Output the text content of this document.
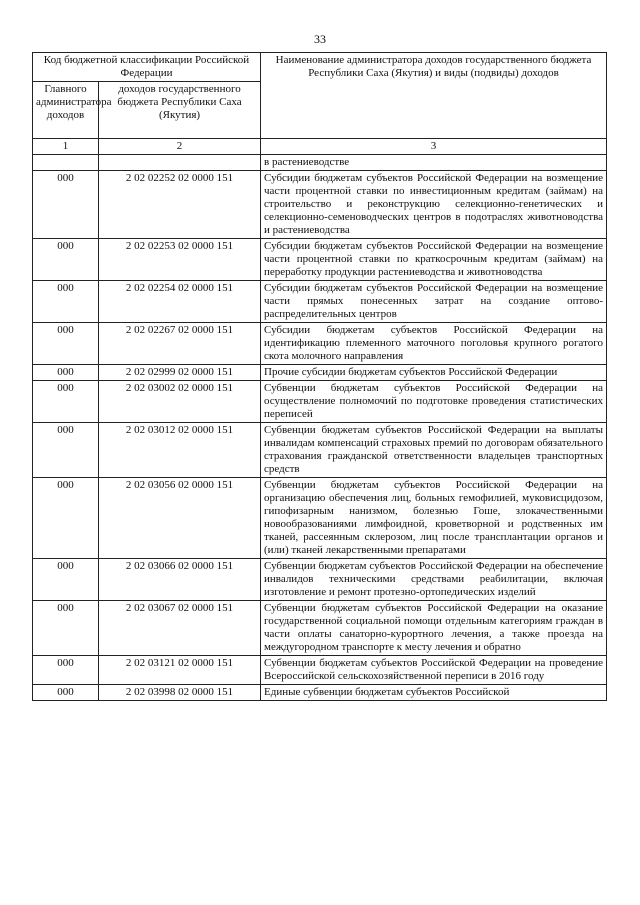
33
Код бюджетной классификации Российской Федерации		Наименование администратора доходов государственного бюджета Республики Саха (Якутия) и виды (подвиды) доходов
Главного администратора доходов	доходов государственного бюджета Республики Саха (Якутия)	
1	2	3
		в растениеводстве
000	2 02 02252 02 0000 151	Субсидии бюджетам субъектов Российской Федерации на возмещение части процентной ставки по инвестиционным кредитам (займам) на строительство и реконструкцию селекционно-генетических и селекционно-семеноводческих центров в подотраслях животноводства и растениеводства
000	2 02 02253 02 0000 151	Субсидии бюджетам субъектов Российской Федерации на возмещение части процентной ставки по краткосрочным кредитам (займам) на переработку продукции растениеводства и животноводства
000	2 02 02254 02 0000 151	Субсидии бюджетам субъектов Российской Федерации на возмещение части прямых понесенных затрат на создание оптово-распределительных центров
000	2 02 02267 02 0000 151	Субсидии бюджетам субъектов Российской Федерации на идентификацию племенного маточного поголовья крупного рогатого скота молочного направления
000	2 02 02999 02 0000 151	Прочие субсидии бюджетам субъектов Российской Федерации
000	2 02 03002 02 0000 151	Субвенции бюджетам субъектов Российской Федерации на осуществление полномочий по подготовке проведения статистических переписей
000	2 02 03012 02 0000 151	Субвенции бюджетам субъектов Российской Федерации на выплаты инвалидам компенсаций страховых премий по договорам обязательного страхования гражданской ответственности владельцев транспортных средств
000	2 02 03056 02 0000 151	Субвенции бюджетам субъектов Российской Федерации на организацию обеспечения лиц, больных гемофилией, муковисцидозом, гипофизарным нанизмом, болезнью Гоше, злокачественными новообразованиями лимфоидной, кроветворной и родственных им тканей, рассеянным склерозом, лиц после трансплантации органов и (или) тканей лекарственными препаратами
000	2 02 03066 02 0000 151	Субвенции бюджетам субъектов Российской Федерации на обеспечение инвалидов техническими средствами реабилитации, включая изготовление и ремонт протезно-ортопедических изделий
000	2 02 03067 02 0000 151	Субвенции бюджетам субъектов Российской Федерации на оказание государственной социальной помощи отдельным категориям граждан в части оплаты санаторно-курортного лечения, а также проезда на междугородном транспорте к месту лечения и обратно
000	2 02 03121 02 0000 151	Субвенции бюджетам субъектов Российской Федерации на проведение Всероссийской сельскохозяйственной переписи в 2016 году
000	2 02 03998 02 0000 151	Единые субвенции бюджетам субъектов Российской
